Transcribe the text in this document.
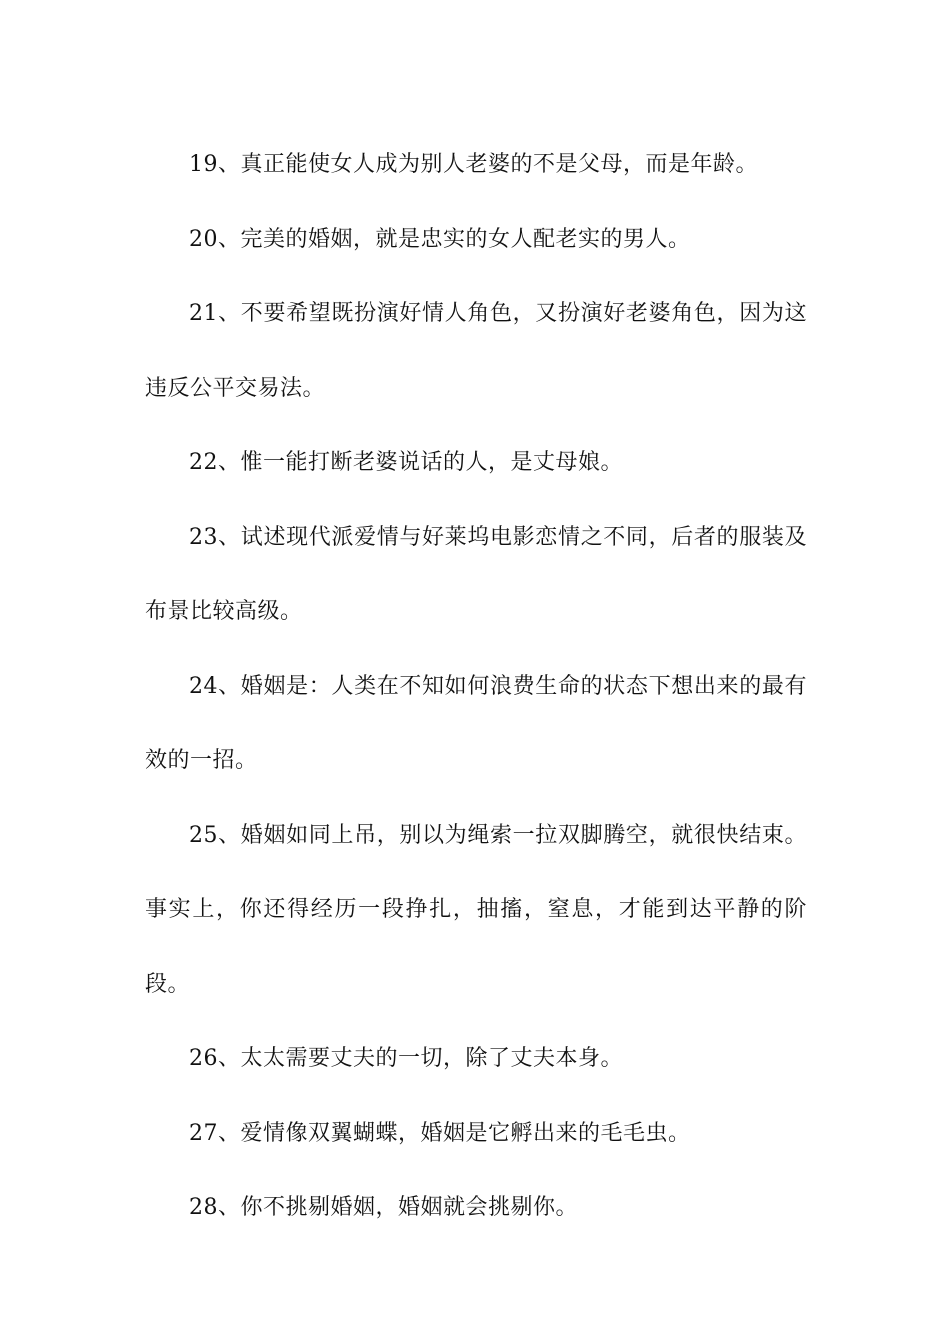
19、真正能使女人成为别人老婆的不是父母，而是年龄。

20、完美的婚姻，就是忠实的女人配老实的男人。

21、不要希望既扮演好情人角色，又扮演好老婆角色，因为这违反公平交易法。

22、惟一能打断老婆说话的人，是丈母娘。

23、试述现代派爱情与好莱坞电影恋情之不同，后者的服装及布景比较高级。

24、婚姻是：人类在不知如何浪费生命的状态下想出来的最有效的一招。

25、婚姻如同上吊，别以为绳索一拉双脚腾空，就很快结束。事实上，你还得经历一段挣扎，抽搐，窒息，才能到达平静的阶段。

26、太太需要丈夫的一切，除了丈夫本身。

27、爱情像双翼蝴蝶，婚姻是它孵出来的毛毛虫。

28、你不挑剔婚姻，婚姻就会挑剔你。
